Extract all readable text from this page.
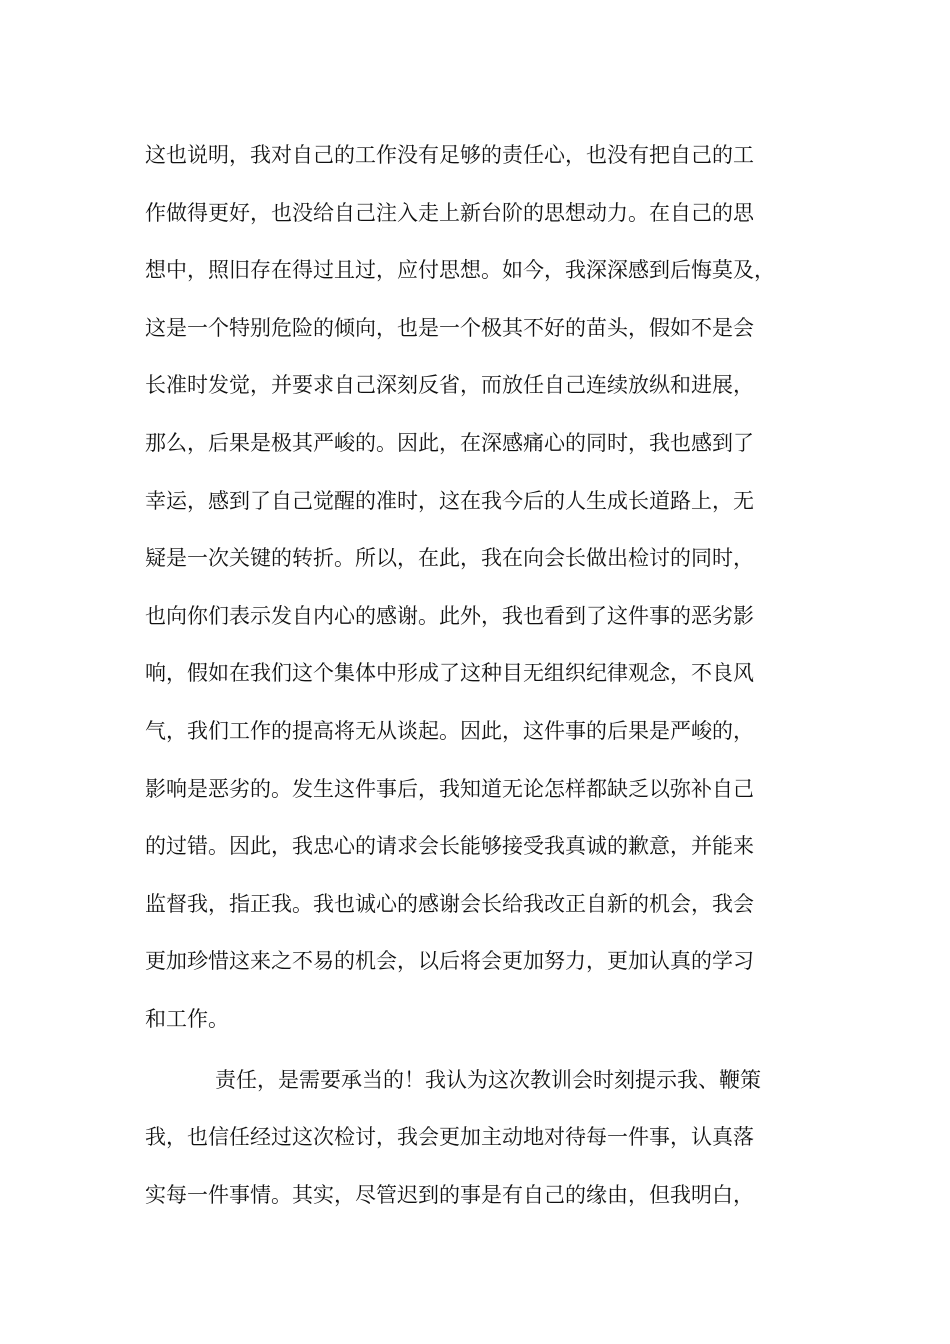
这也说明，我对自己的工作没有足够的责任心，也没有把自己的工
作做得更好，也没给自己注入走上新台阶的思想动力。在自己的思
想中，照旧存在得过且过，应付思想。如今，我深深感到后悔莫及，
这是一个特别危险的倾向，也是一个极其不好的苗头，假如不是会
长准时发觉，并要求自己深刻反省，而放任自己连续放纵和进展，
那么，后果是极其严峻的。因此，在深感痛心的同时，我也感到了
幸运，感到了自己觉醒的准时，这在我今后的人生成长道路上，无
疑是一次关键的转折。所以，在此，我在向会长做出检讨的同时，
也向你们表示发自内心的感谢。此外，我也看到了这件事的恶劣影
响，假如在我们这个集体中形成了这种目无组织纪律观念，不良风
气，我们工作的提高将无从谈起。因此，这件事的后果是严峻的，
影响是恶劣的。发生这件事后，我知道无论怎样都缺乏以弥补自己
的过错。因此，我忠心的请求会长能够接受我真诚的歉意，并能来
监督我，指正我。我也诚心的感谢会长给我改正自新的机会，我会
更加珍惜这来之不易的机会，以后将会更加努力，更加认真的学习
和工作。
责任，是需要承当的！我认为这次教训会时刻提示我、鞭策
我，也信任经过这次检讨，我会更加主动地对待每一件事，认真落
实每一件事情。其实，尽管迟到的事是有自己的缘由，但我明白，
